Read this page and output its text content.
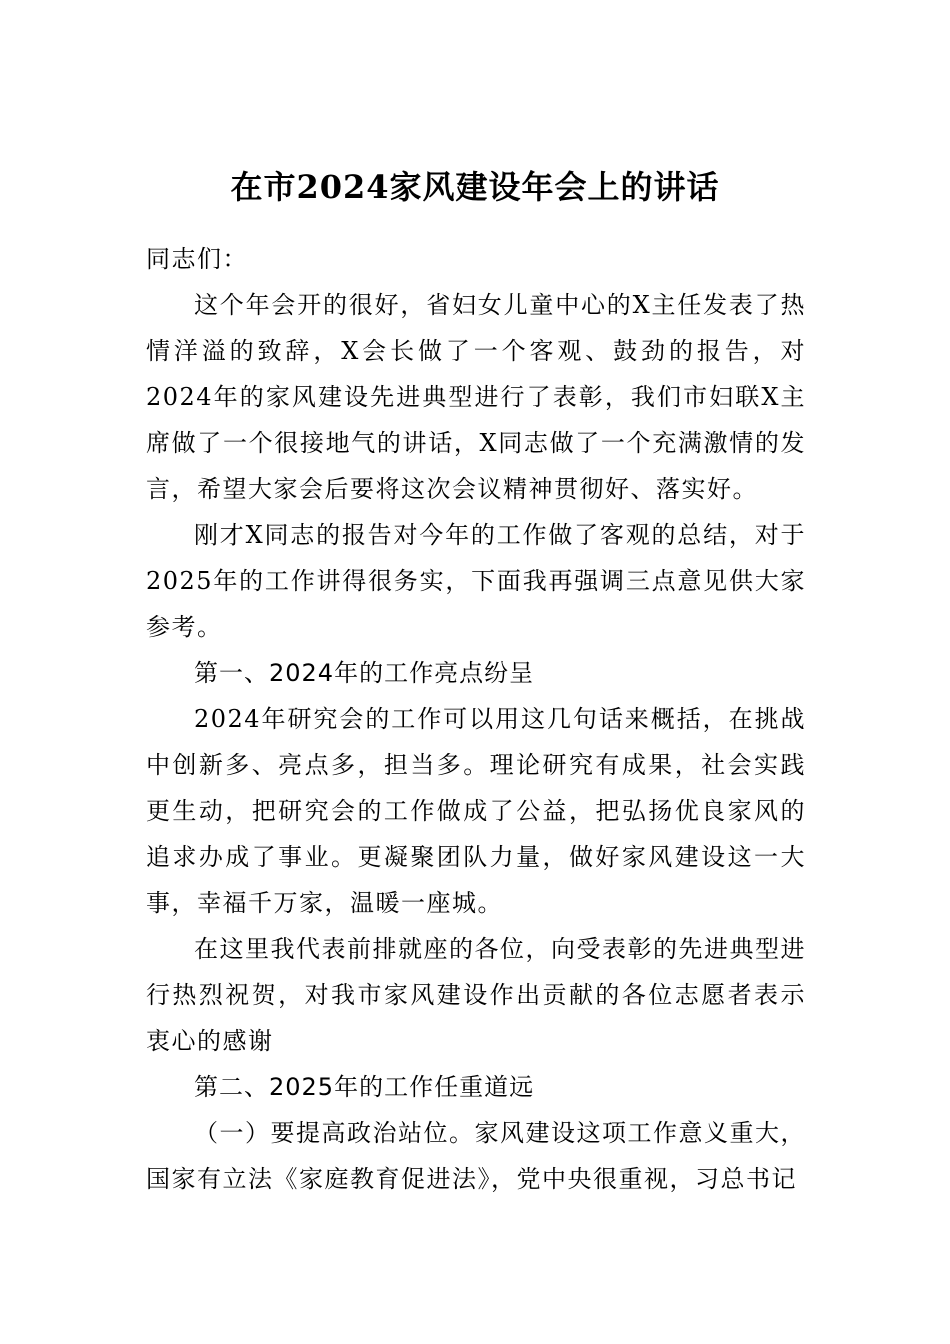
在市2024家风建设年会上的讲话

同志们：

这个年会开的很好，省妇女儿童中心的X主任发表了热情洋溢的致辞，X会长做了一个客观、鼓劲的报告，对2024年的家风建设先进典型进行了表彰，我们市妇联X主席做了一个很接地气的讲话，X同志做了一个充满激情的发言，希望大家会后要将这次会议精神贯彻好、落实好。

刚才X同志的报告对今年的工作做了客观的总结，对于2025年的工作讲得很务实，下面我再强调三点意见供大家参考。

第一、2024年的工作亮点纷呈

2024年研究会的工作可以用这几句话来概括，在挑战中创新多、亮点多，担当多。理论研究有成果，社会实践更生动，把研究会的工作做成了公益，把弘扬优良家风的追求办成了事业。更凝聚团队力量，做好家风建设这一大事，幸福千万家，温暖一座城。

在这里我代表前排就座的各位，向受表彰的先进典型进行热烈祝贺，对我市家风建设作出贡献的各位志愿者表示衷心的感谢

第二、2025年的工作任重道远

（一）要提高政治站位。家风建设这项工作意义重大，国家有立法《家庭教育促进法》，党中央很重视，习总书记
